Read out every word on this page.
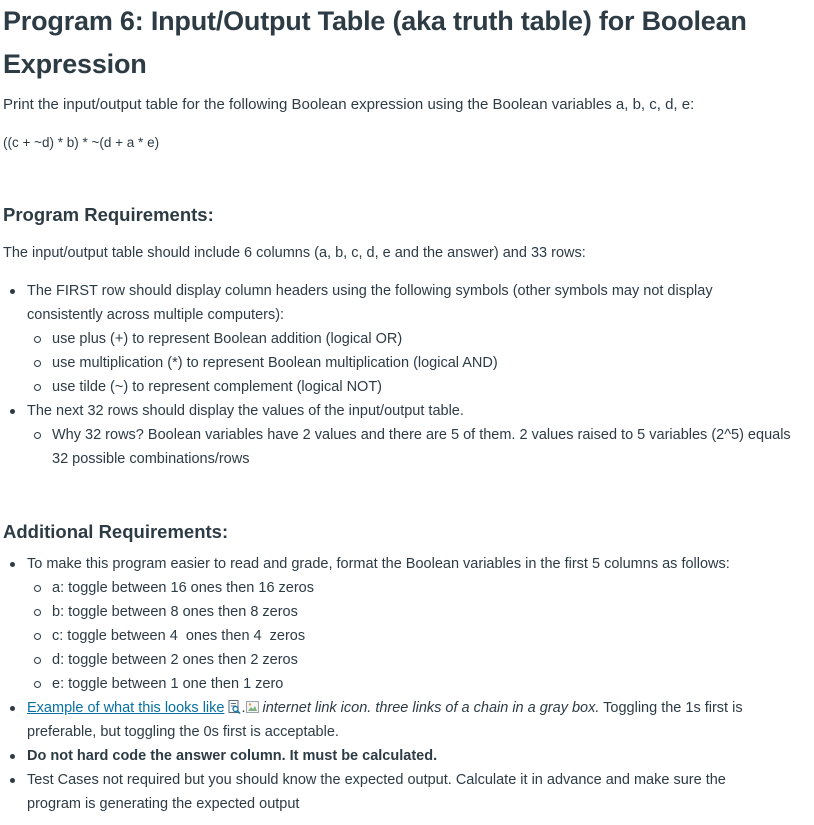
Program 6: Input/Output Table (aka truth table) for Boolean Expression
Print the input/output table for the following Boolean expression using the Boolean variables a, b, c, d, e:
((c + ~d) * b) * ~(d + a * e)
Program Requirements:
The input/output table should include 6 columns (a, b, c, d, e and the answer) and 33 rows:
The FIRST row should display column headers using the following symbols (other symbols may not display
consistently across multiple computers):
use plus (+) to represent Boolean addition (logical OR)
use multiplication (*) to represent Boolean multiplication (logical AND)
use tilde (~) to represent complement (logical NOT)
The next 32 rows should display the values of the input/output table.
Why 32 rows? Boolean variables have 2 values and there are 5 of them. 2 values raised to 5 variables (2^5) equals
32 possible combinations/rows
Additional Requirements:
To make this program easier to read and grade, format the Boolean variables in the first 5 columns as follows:
a: toggle between 16 ones then 16 zeros
b: toggle between 8 ones then 8 zeros
c: toggle between 4  ones then 4  zeros
d: toggle between 2 ones then 2 zeros
e: toggle between 1 one then 1 zero
Example of what this looks like . internet link icon. three links of a chain in a gray box. Toggling the 1s first is
preferable, but toggling the 0s first is acceptable.
Do not hard code the answer column. It must be calculated.
Test Cases not required but you should know the expected output. Calculate it in advance and make sure the
program is generating the expected output
